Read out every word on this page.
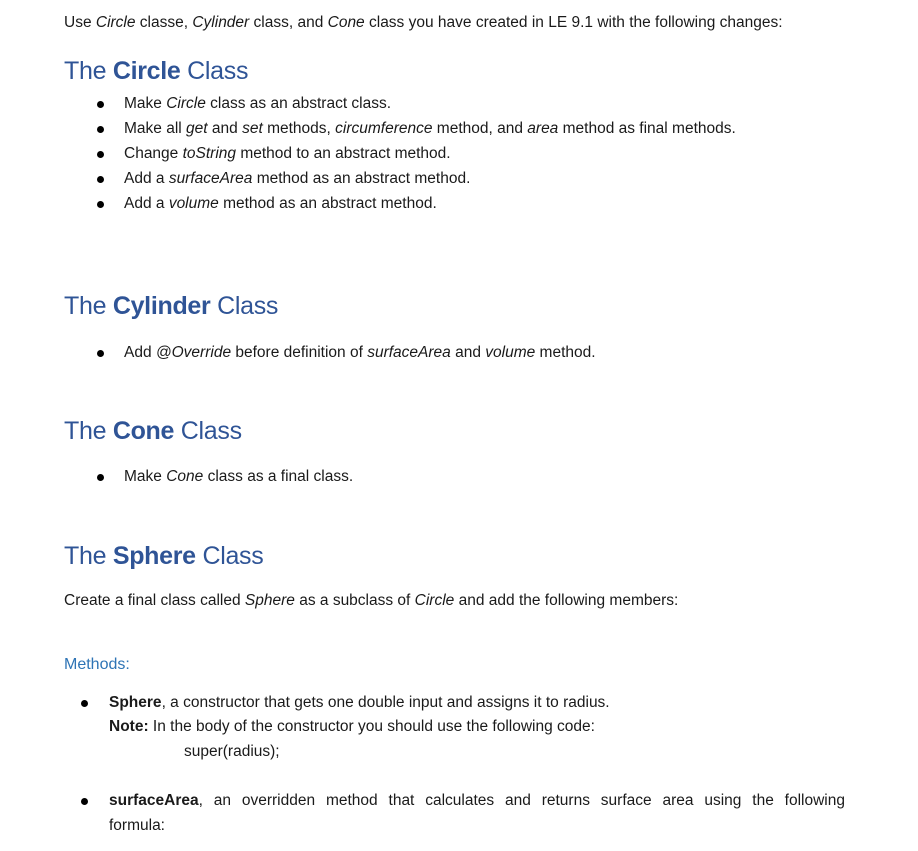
Use Circle classe, Cylinder class, and Cone class you have created in LE 9.1 with the following changes:

The Circle Class

Make Circle class as an abstract class.

Make all get and set methods, circumference method, and area method as final methods.

Change toString method to an abstract method.

Add a surfaceArea method as an abstract method.

Add a volume method as an abstract method.

The Cylinder Class

Add @Override before definition of surfaceArea and volume method.

The Cone Class

Make Cone class as a final class.

The Sphere Class

Create a final class called Sphere as a subclass of Circle and add the following members:

Methods:

Sphere, a constructor that gets one double input and assigns it to radius.

Note: In the body of the constructor you should use the following code:

super(radius);

surfaceArea, an overridden method that calculates and returns surface area using the following

formula:
